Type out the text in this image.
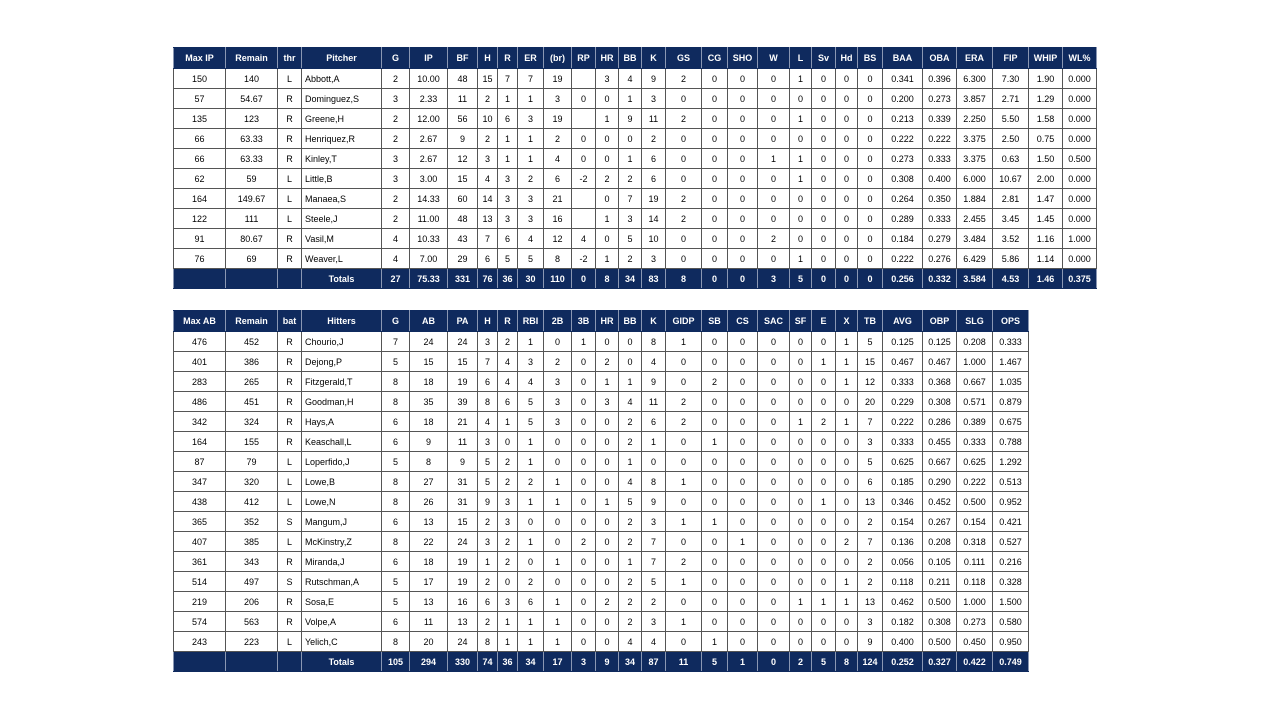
Max IP	Remain	thr	Pitcher	G	IP	BF	H	R	ER	(br)	RP	HR	BB	K	GS	CG	SHO	W	L	Sv	Hd	BS	BAA	OBA	ERA	FIP	WHIP	WL%
150	140	L	Abbott,A	2	10.00	48	15	7	7	19		3	4	9	2	0	0	0	1	0	0	0	0.341	0.396	6.300	7.30	1.90	0.000
57	54.67	R	Dominguez,S	3	2.33	11	2	1	1	3	0	0	1	3	0	0	0	0	0	0	0	0	0.200	0.273	3.857	2.71	1.29	0.000
135	123	R	Greene,H	2	12.00	56	10	6	3	19		1	9	11	2	0	0	0	1	0	0	0	0.213	0.339	2.250	5.50	1.58	0.000
66	63.33	R	Henriquez,R	2	2.67	9	2	1	1	2	0	0	0	2	0	0	0	0	0	0	0	0	0.222	0.222	3.375	2.50	0.75	0.000
66	63.33	R	Kinley,T	3	2.67	12	3	1	1	4	0	0	1	6	0	0	0	1	1	0	0	0	0.273	0.333	3.375	0.63	1.50	0.500
62	59	L	Little,B	3	3.00	15	4	3	2	6	-2	2	2	6	0	0	0	0	1	0	0	0	0.308	0.400	6.000	10.67	2.00	0.000
164	149.67	L	Manaea,S	2	14.33	60	14	3	3	21		0	7	19	2	0	0	0	0	0	0	0	0.264	0.350	1.884	2.81	1.47	0.000
122	111	L	Steele,J	2	11.00	48	13	3	3	16		1	3	14	2	0	0	0	0	0	0	0	0.289	0.333	2.455	3.45	1.45	0.000
91	80.67	R	Vasil,M	4	10.33	43	7	6	4	12	4	0	5	10	0	0	0	2	0	0	0	0	0.184	0.279	3.484	3.52	1.16	1.000
76	69	R	Weaver,L	4	7.00	29	6	5	5	8	-2	1	2	3	0	0	0	0	1	0	0	0	0.222	0.276	6.429	5.86	1.14	0.000
			Totals	27	75.33	331	76	36	30	110	0	8	34	83	8	0	0	3	5	0	0	0	0.256	0.332	3.584	4.53	1.46	0.375
Max AB	Remain	bat	Hitters	G	AB	PA	H	R	RBI	2B	3B	HR	BB	K	GIDP	SB	CS	SAC	SF	E	X	TB	AVG	OBP	SLG	OPS
476	452	R	Chourio,J	7	24	24	3	2	1	0	1	0	0	8	1	0	0	0	0	0	1	5	0.125	0.125	0.208	0.333
401	386	R	Dejong,P	5	15	15	7	4	3	2	0	2	0	4	0	0	0	0	0	1	1	15	0.467	0.467	1.000	1.467
283	265	R	Fitzgerald,T	8	18	19	6	4	4	3	0	1	1	9	0	2	0	0	0	0	1	12	0.333	0.368	0.667	1.035
486	451	R	Goodman,H	8	35	39	8	6	5	3	0	3	4	11	2	0	0	0	0	0	0	20	0.229	0.308	0.571	0.879
342	324	R	Hays,A	6	18	21	4	1	5	3	0	0	2	6	2	0	0	0	1	2	1	7	0.222	0.286	0.389	0.675
164	155	R	Keaschall,L	6	9	11	3	0	1	0	0	0	2	1	0	1	0	0	0	0	0	3	0.333	0.455	0.333	0.788
87	79	L	Loperfido,J	5	8	9	5	2	1	0	0	0	1	0	0	0	0	0	0	0	0	5	0.625	0.667	0.625	1.292
347	320	L	Lowe,B	8	27	31	5	2	2	1	0	0	4	8	1	0	0	0	0	0	0	6	0.185	0.290	0.222	0.513
438	412	L	Lowe,N	8	26	31	9	3	1	1	0	1	5	9	0	0	0	0	0	1	0	13	0.346	0.452	0.500	0.952
365	352	S	Mangum,J	6	13	15	2	3	0	0	0	0	2	3	1	1	0	0	0	0	0	2	0.154	0.267	0.154	0.421
407	385	L	McKinstry,Z	8	22	24	3	2	1	0	2	0	2	7	0	0	1	0	0	0	2	7	0.136	0.208	0.318	0.527
361	343	R	Miranda,J	6	18	19	1	2	0	1	0	0	1	7	2	0	0	0	0	0	0	2	0.056	0.105	0.111	0.216
514	497	S	Rutschman,A	5	17	19	2	0	2	0	0	0	2	5	1	0	0	0	0	0	1	2	0.118	0.211	0.118	0.328
219	206	R	Sosa,E	5	13	16	6	3	6	1	0	2	2	2	0	0	0	0	1	1	1	13	0.462	0.500	1.000	1.500
574	563	R	Volpe,A	6	11	13	2	1	1	1	0	0	2	3	1	0	0	0	0	0	0	3	0.182	0.308	0.273	0.580
243	223	L	Yelich,C	8	20	24	8	1	1	1	0	0	4	4	0	1	0	0	0	0	0	9	0.400	0.500	0.450	0.950
			Totals	105	294	330	74	36	34	17	3	9	34	87	11	5	1	0	2	5	8	124	0.252	0.327	0.422	0.749
